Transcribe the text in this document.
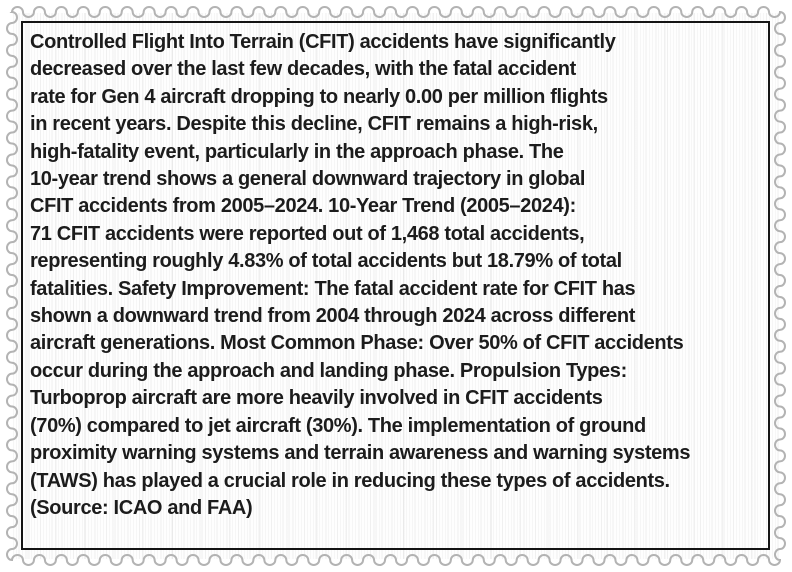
Controlled Flight Into Terrain (CFIT) accidents have significantly

decreased over the last few decades, with the fatal accident

rate for Gen 4 aircraft dropping to nearly 0.00 per million flights

in recent years. Despite this decline, CFIT remains a high-risk,

high-fatality event, particularly in the approach phase. The

10-year trend shows a general downward trajectory in global

CFIT accidents from 2005–2024. 10-Year Trend (2005–2024):

71 CFIT accidents were reported out of 1,468 total accidents,

representing roughly 4.83% of total accidents but 18.79% of total

fatalities. Safety Improvement: The fatal accident rate for CFIT has

shown a downward trend from 2004 through 2024 across different

aircraft generations. Most Common Phase: Over 50% of CFIT accidents

occur during the approach and landing phase. Propulsion Types:

Turboprop aircraft are more heavily involved in CFIT accidents

(70%) compared to jet aircraft (30%). The implementation of ground

proximity warning systems and terrain awareness and warning systems

(TAWS) has played a crucial role in reducing these types of accidents.

(Source: ICAO and FAA)
